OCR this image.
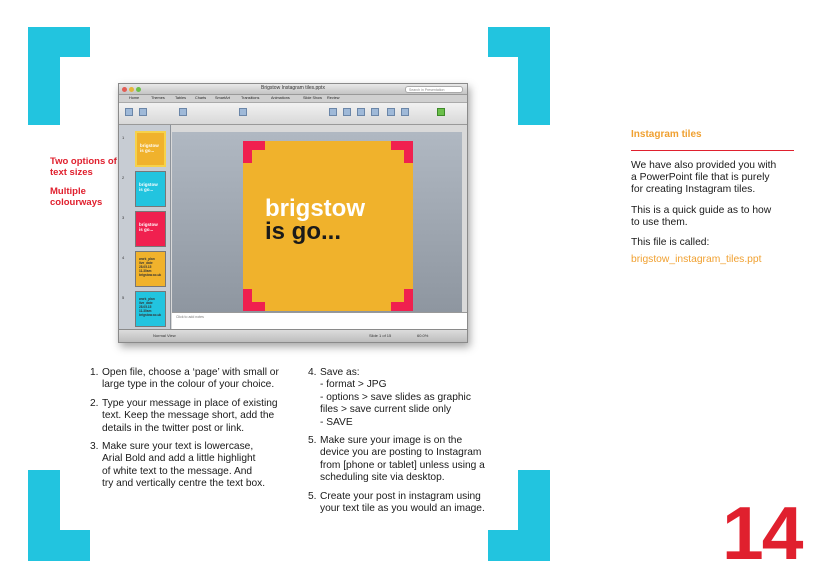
Two options of text sizes
Multiple colourways
Brigstow Instagram tiles.pptx	Search in Presentation
Home	Themes	Tables Charts SmartArt	Transitions	Animations	Slide Show Review
1
brigstow
is go...
2
brigstow
is go...
3
brigstow
is go...
4	work_plan
live_date
28.05.15
11.30am
brigstow.ac.uk
5	work_plan
live_date
28.05.15
11.30am
brigstow.ac.uk
brigstow
is go...
Click to add notes
Normal View	Slide 1 of 15	60.0%
1. Open file, choose a ‘page’ with small or
large type in the colour of your choice.

2. Type your message in place of existing
text. Keep the message short, add the
details in the twitter post or link.

3. Make sure your text is lowercase,
Arial Bold and add a little highlight
of white text to the message. And
try and vertically centre the text box.

4. Save as:
- format > JPG
- options > save slides as graphic
files > save current slide only
- SAVE

5. Make sure your image is on the
device you are posting to Instagram
from [phone or tablet] unless using a
scheduling site via desktop.

5. Create your post in instagram using
your text tile as you would an image.

Instagram tiles
We have also provided you with
a PowerPoint file that is purely
for creating Instagram tiles.
This is a quick guide as to how
to use them.
This file is called:
brigstow_instagram_tiles.ppt
14
